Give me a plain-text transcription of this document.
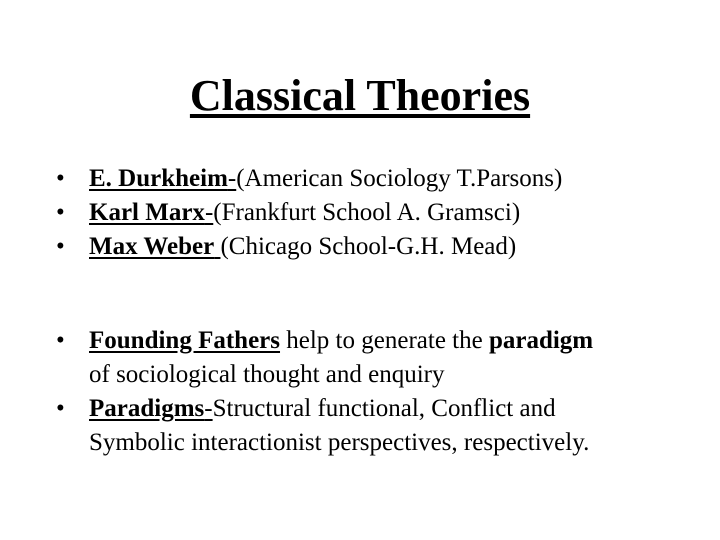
Classical Theories
• E. Durkheim-(American Sociology T.Parsons)
• Karl Marx-(Frankfurt School A. Gramsci)
• Max Weber (Chicago School-G.H. Mead)
• Founding Fathers help to generate the paradigm
of sociological thought and enquiry
• Paradigms-Structural functional, Conflict and
Symbolic interactionist perspectives, respectively.
